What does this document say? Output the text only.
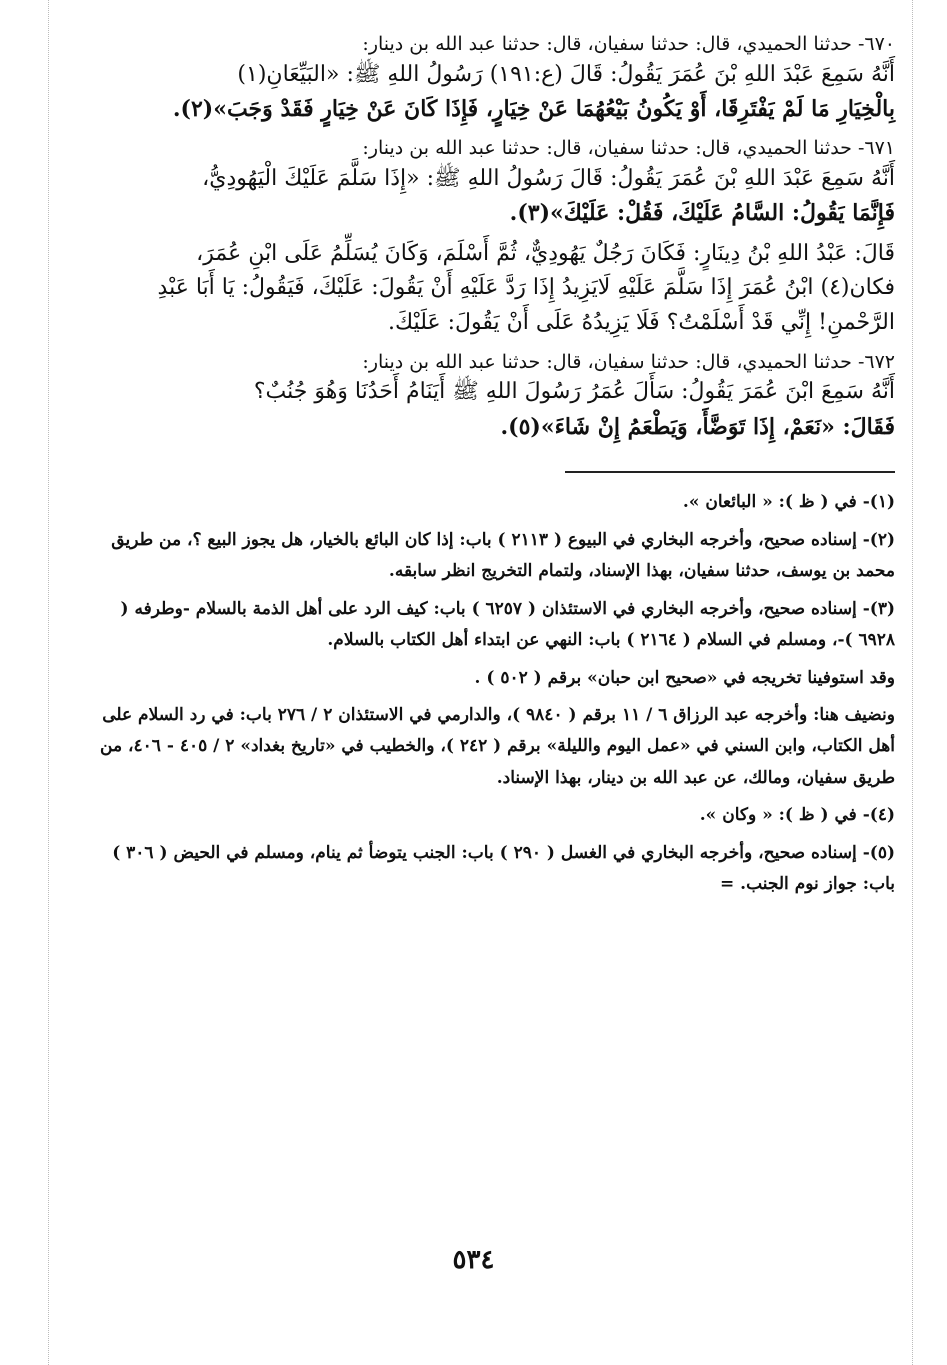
٦٧٠- حدثنا الحميدي، قال: حدثنا سفيان، قال: حدثنا عبد الله بن دينار:

أَنَّهُ سَمِعَ عَبْدَ اللهِ بْنَ عُمَرَ يَقُولُ: قَالَ (ع:١٩١) رَسُولُ اللهِ ﷺ: «البَيِّعَانِ(١)

بِالْخِيَارِ مَا لَمْ يَفْتَرِقَا، أَوْ يَكُونُ بَيْعُهُمَا عَنْ خِيَارٍ، فَإِذَا كَانَ عَنْ خِيَارٍ فَقَدْ وَجَبَ»(٢).

٦٧١- حدثنا الحميدي، قال: حدثنا سفيان، قال: حدثنا عبد الله بن دينار:

أَنَّهُ سَمِعَ عَبْدَ اللهِ بْنَ عُمَرَ يَقُولُ: قَالَ رَسُولُ اللهِ ﷺ: «إِذَا سَلَّمَ عَلَيْكَ الْيَهُودِيُّ،

فَإِنَّمَا يَقُولُ: السَّامُ عَلَيْكَ، فَقُلْ: عَلَيْكَ»(٣).

قَالَ: عَبْدُ اللهِ بْنُ دِينَارٍ: فَكَانَ رَجُلٌ يَهُودِيٌّ، ثُمَّ أَسْلَمَ، وَكَانَ يُسَلِّمُ عَلَى ابْنِ عُمَرَ،

فكان(٤) ابْنُ عُمَرَ إِذَا سَلَّمَ عَلَيْهِ لَايَزِيدُ إِذَا رَدَّ عَلَيْهِ أَنْ يَقُولَ: عَلَيْكَ، فَيَقُولُ: يَا أَبَا عَبْدِ

الرَّحْمنِ! إِنِّي قَدْ أَسْلَمْتُ؟ فَلَا يَزِيدُهُ عَلَى أَنْ يَقُولَ: عَلَيْكَ.

٦٧٢- حدثنا الحميدي، قال: حدثنا سفيان، قال: حدثنا عبد الله بن دينار:

أَنَّهُ سَمِعَ ابْنَ عُمَرَ يَقُولُ: سَأَلَ عُمَرُ رَسُولَ اللهِ ﷺ أَيَنَامُ أَحَدُنَا وَهُوَ جُنُبٌ؟

فَقَالَ: «نَعَمْ، إِذَا تَوَضَّأَ، وَيَطْعَمُ إِنْ شَاءَ»(٥).

(١)- في ( ظ ): « البائعان ».

(٢)- إسناده صحيح، وأخرجه البخاري في البيوع ( ٢١١٣ ) باب: إذا كان البائع بالخيار، هل يجوز البيع ؟، من طريق محمد بن يوسف، حدثنا سفيان، بهذا الإسناد، ولتمام التخريج انظر سابقه.

(٣)- إسناده صحيح، وأخرجه البخاري في الاستئذان ( ٦٢٥٧ ) باب: كيف الرد على أهل الذمة بالسلام -وطرفه ( ٦٩٢٨ )-، ومسلم في السلام ( ٢١٦٤ ) باب: النهي عن ابتداء أهل الكتاب بالسلام.

وقد استوفينا تخريجه في «صحيح ابن حبان» برقم ( ٥٠٢ ) .

ونضيف هنا: وأخرجه عبد الرزاق ٦ / ١١ برقم ( ٩٨٤٠ )، والدارمي في الاستئذان ٢ / ٢٧٦ باب: في رد السلام على أهل الكتاب، وابن السني في «عمل اليوم والليلة» برقم ( ٢٤٢ )، والخطيب في «تاريخ بغداد» ٢ / ٤٠٥ - ٤٠٦، من طريق سفيان، ومالك، عن عبد الله بن دينار، بهذا الإسناد.

(٤)- في ( ظ ): « وكان ».

(٥)- إسناده صحيح، وأخرجه البخاري في الغسل ( ٢٩٠ ) باب: الجنب يتوضأ ثم ينام، ومسلم في الحيض ( ٣٠٦ ) باب: جواز نوم الجنب. =

٥٣٤
